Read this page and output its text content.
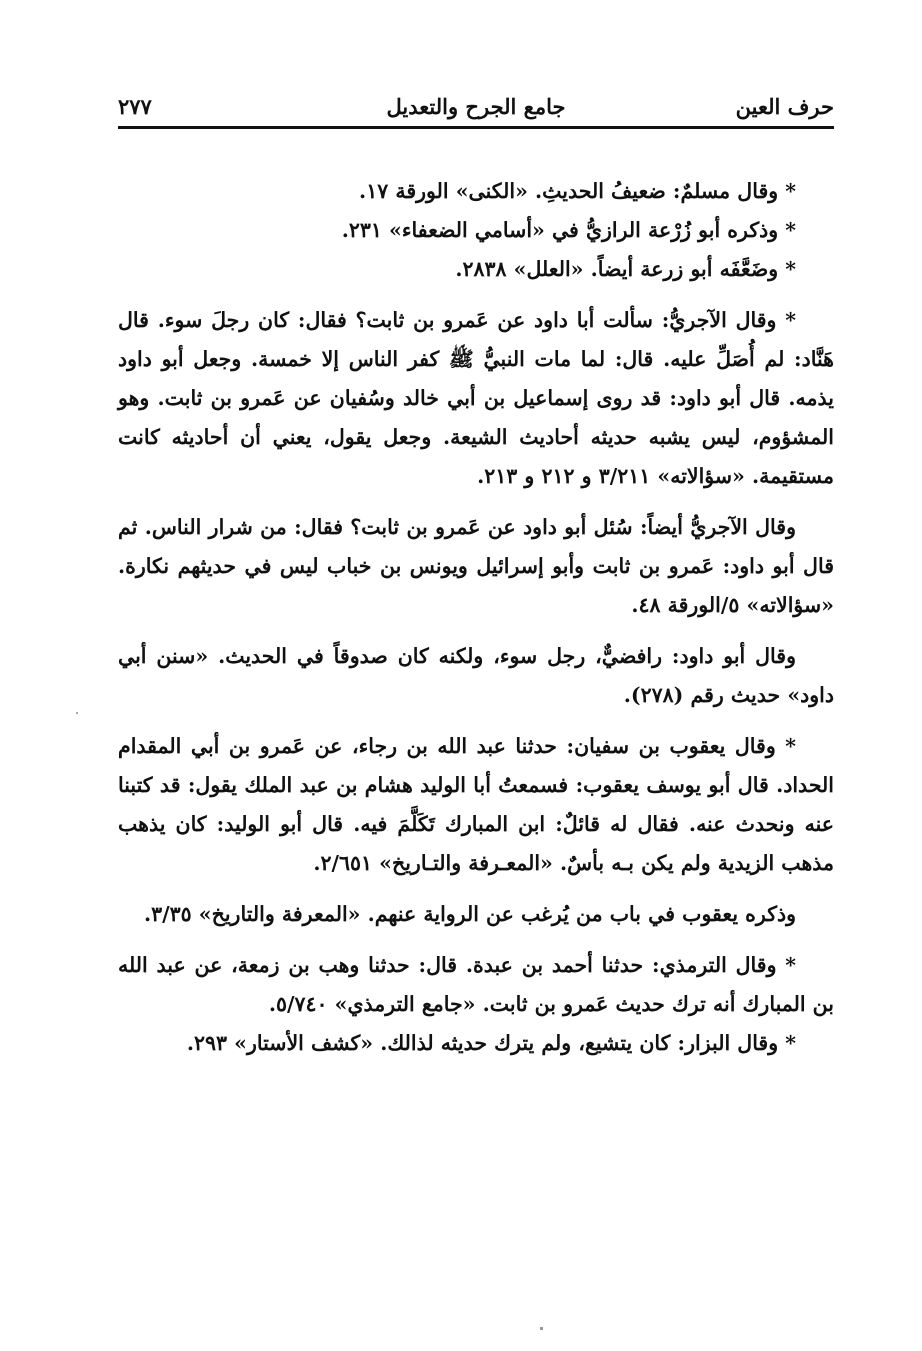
حرف العين
جامع الجرح والتعديل
٢٧٧

* وقال مسلمٌ: ضعيفُ الحديثِ. «الكنى» الورقة ١٧.

* وذكره أبو زُرْعة الرازيُّ في «أسامي الضعفاء» ٢٣١.

* وضَعَّفَه أبو زرعة أيضاً. «العلل» ٢٨٣٨.

* وقال الآجريُّ: سألت أبا داود عن عَمرو بن ثابت؟ فقال: كان رجلَ سوء. قال هَنَّاد: لم أُصَلِّ عليه. قال: لما مات النبيُّ ﷺ كفر الناس إلا خمسة. وجعل أبو داود يذمه. قال أبو داود: قد روى إسماعيل بن أبي خالد وسُفيان عن عَمرو بن ثابت. وهو المشؤوم، ليس يشبه حديثه أحاديث الشيعة. وجعل يقول، يعني أن أحاديثه كانت مستقيمة. «سؤالاته» ٣/٢١١ و ٢١٢ و ٢١٣.

وقال الآجريُّ أيضاً: سُئل أبو داود عن عَمرو بن ثابت؟ فقال: من شرار الناس. ثم قال أبو داود: عَمرو بن ثابت وأبو إسرائيل ويونس بن خباب ليس في حديثهم نكارة. «سؤالاته» ٥/الورقة ٤٨.

وقال أبو داود: رافضيٌّ، رجل سوء، ولكنه كان صدوقاً في الحديث. «سنن أبي داود» حديث رقم (٢٧٨).

* وقال يعقوب بن سفيان: حدثنا عبد الله بن رجاء، عن عَمرو بن أبي المقدام الحداد. قال أبو يوسف يعقوب: فسمعتُ أبا الوليد هشام بن عبد الملك يقول: قد كتبنا عنه ونحدث عنه. فقال له قائلٌ: ابن المبارك تَكَلَّمَ فيه. قال أبو الوليد: كان يذهب مذهب الزيدية ولم يكن بـه بأسٌ. «المعـرفة والتـاريخ» ٢/٦٥١.

وذكره يعقوب في باب من يُرغب عن الرواية عنهم. «المعرفة والتاريخ» ٣/٣٥.

* وقال الترمذي: حدثنا أحمد بن عبدة. قال: حدثنا وهب بن زمعة، عن عبد الله بن المبارك أنه ترك حديث عَمرو بن ثابت. «جامع الترمذي» ٥/٧٤٠.

* وقال البزار: كان يتشيع، ولم يترك حديثه لذالك. «كشف الأستار» ٢٩٣.
